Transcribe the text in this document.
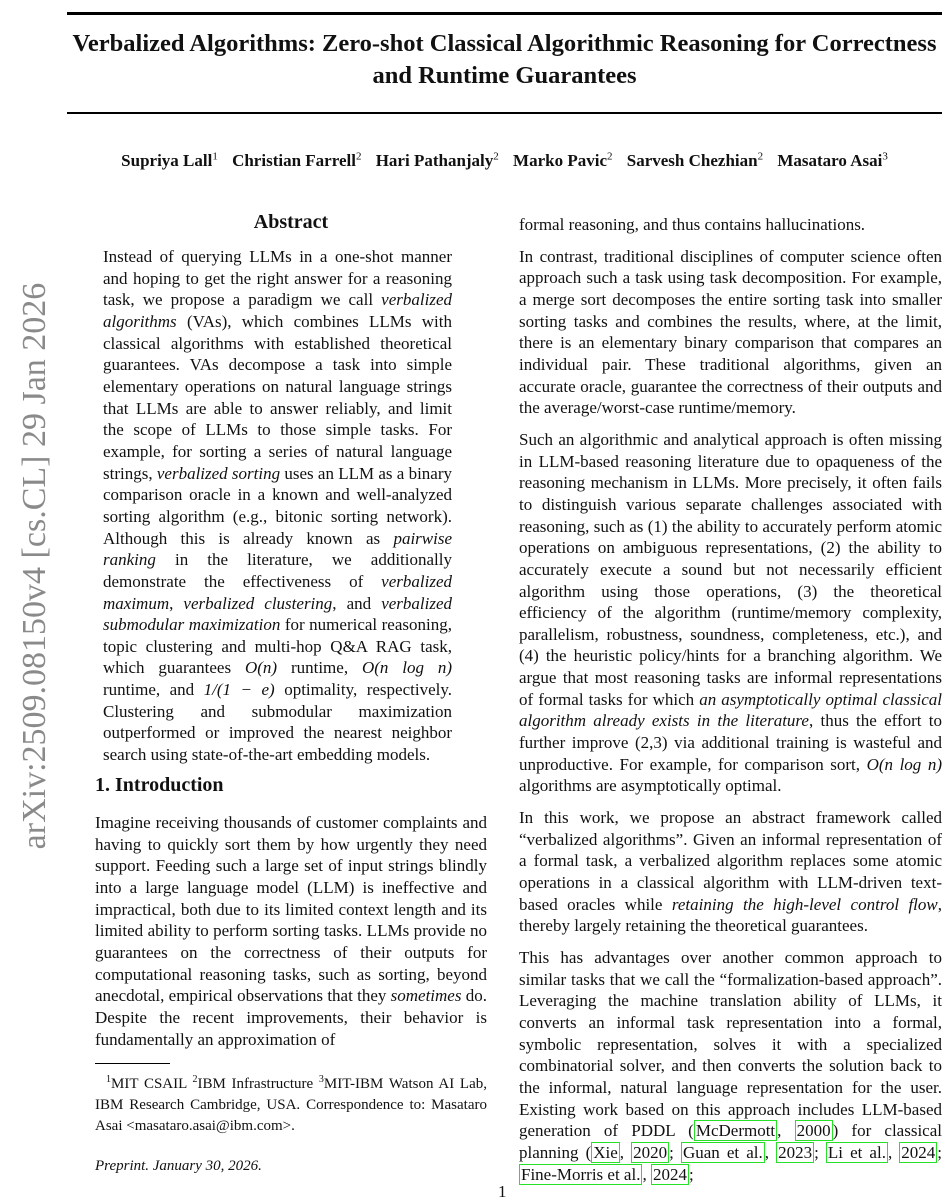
Verbalized Algorithms: Zero-shot Classical Algorithmic Reasoning for Correctness and Runtime Guarantees
Supriya Lall$^1$ Christian Farrell$^2$ Hari Pathanjaly$^2$ Marko Pavic$^2$ Sarvesh Chezhian$^2$ Masataro Asai$^3$
arXiv:2509.08150v4 [cs.CL] 29 Jan 2026
Abstract

Instead of querying LLMs in a one-shot manner and hoping to get the right answer for a reasoning task, we propose a paradigm we call verbalized algorithms (VAs), which combines LLMs with classical algorithms with established theoretical guarantees. VAs decompose a task into simple elementary operations on natural language strings that LLMs are able to answer reliably, and limit the scope of LLMs to those simple tasks. For example, for sorting a series of natural language strings, verbalized sorting uses an LLM as a binary comparison oracle in a known and well-analyzed sorting algorithm (e.g., bitonic sorting network). Although this is already known as pairwise ranking in the literature, we additionally demonstrate the effectiveness of verbalized maximum, verbalized clustering, and verbalized submodular maximization for numerical reasoning, topic clustering and multi-hop Q&A RAG task, which guarantees O(n) runtime, O(n log n) runtime, and 1/(1 − e) optimality, respectively. Clustering and submodular maximization outperformed or improved the nearest neighbor search using state-of-the-art embedding models.

1. Introduction

Imagine receiving thousands of customer complaints and having to quickly sort them by how urgently they need support. Feeding such a large set of input strings blindly into a large language model (LLM) is ineffective and impractical, both due to its limited context length and its limited ability to perform sorting tasks. LLMs provide no guarantees on the correctness of their outputs for computational reasoning tasks, such as sorting, beyond anecdotal, empirical observations that they sometimes do. Despite the recent improvements, their behavior is fundamentally an approximation of

$^1$MIT CSAIL $^2$IBM Infrastructure $^3$MIT-IBM Watson AI Lab, IBM Research Cambridge, USA. Correspondence to: Masataro Asai <masataro.asai@ibm.com>.
Preprint. January 30, 2026.

formal reasoning, and thus contains hallucinations.

In contrast, traditional disciplines of computer science often approach such a task using task decomposition. For example, a merge sort decomposes the entire sorting task into smaller sorting tasks and combines the results, where, at the limit, there is an elementary binary comparison that compares an individual pair. These traditional algorithms, given an accurate oracle, guarantee the correctness of their outputs and the average/worst-case runtime/memory.

Such an algorithmic and analytical approach is often missing in LLM-based reasoning literature due to opaqueness of the reasoning mechanism in LLMs. More precisely, it often fails to distinguish various separate challenges associated with reasoning, such as (1) the ability to accurately perform atomic operations on ambiguous representations, (2) the ability to accurately execute a sound but not necessarily efficient algorithm using those operations, (3) the theoretical efficiency of the algorithm (runtime/memory complexity, parallelism, robustness, soundness, completeness, etc.), and (4) the heuristic policy/hints for a branching algorithm. We argue that most reasoning tasks are informal representations of formal tasks for which an asymptotically optimal classical algorithm already exists in the literature, thus the effort to further improve (2,3) via additional training is wasteful and unproductive. For example, for comparison sort, O(n log n) algorithms are asymptotically optimal.

In this work, we propose an abstract framework called “verbalized algorithms”. Given an informal representation of a formal task, a verbalized algorithm replaces some atomic operations in a classical algorithm with LLM-driven text-based oracles while retaining the high-level control flow, thereby largely retaining the theoretical guarantees.

This has advantages over another common approach to similar tasks that we call the “formalization-based approach”. Leveraging the machine translation ability of LLMs, it converts an informal task representation into a formal, symbolic representation, solves it with a specialized combinatorial solver, and then converts the solution back to the informal, natural language representation for the user. Existing work based on this approach includes LLM-based generation of PDDL ( McDermott , 2000 ) for classical planning ( Xie , 2020 ; Guan et al. , 2023 ; Li et al. , 2024 ; Fine-Morris et al. , 2024 ;

1
